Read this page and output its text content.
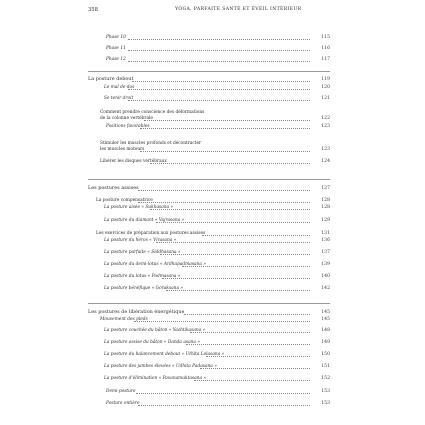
358	YOGA, PARFAITE SANTÉ ET ÉVEIL INTÉRIEUR
Phase 10	115
Phase 11	116
Phase 12	117
La posture debout	119
Le mal de dos	120
Se tenir droit	121
Comment prendre conscience des déformations
de la colonne vertébrale	122
Positions favorables	123
Stimuler les muscles profonds et décontracter
les muscles moteurs	123
Libérer les disques vertébraux	124
Les postures assises	127
La posture compensatrice	128
La posture aisée « Sukhasana »	128
La posture du diamant « Vajrasana »	129
Les exercices de préparation aux postures assises	131
La posture du héros « Virasana »	136
La posture parfaite « Siddhasana »	137
La posture du demi-lotus « Ardhapadmasana »	139
La posture du lotus « Padmasana »	140
La posture bénéfique « Goraksana »	142
Les postures de libération énergétique	145
Mouvement des pieds	145
La posture couchée du bâton « Yashtikasana »	148
La posture assise du bâton « Danda asana »	149
La posture du balancement debout « Uthita Lolasana »	150
La posture des jambes élevées « Udhita Padasana »	151
La posture d'élimination « Pavanamuktasana »	152
Demi-posture	153
Posture entière	153
